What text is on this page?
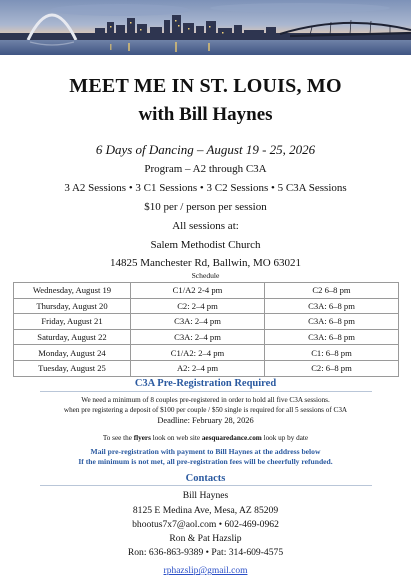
MEET ME IN ST. LOUIS, MO
with Bill Haynes
6 Days of Dancing – August 19 - 25, 2026
Program – A2 through C3A
3 A2 Sessions • 3 C1 Sessions • 3 C2 Sessions • 5 C3A Sessions
$10 per / person per session
All sessions at:
Salem Methodist Church
14825 Manchester Rd, Ballwin, MO 63021
Schedule
Wednesday, August 19	C1/A2 2-4 pm	C2 6–8 pm
Thursday, August 20	C2: 2–4 pm	C3A: 6–8 pm
Friday, August 21	C3A: 2–4 pm	C3A: 6–8 pm
Saturday, August 22	C3A: 2–4 pm	C3A: 6–8 pm
Monday, August 24	C1/A2: 2–4 pm	C1: 6–8 pm
Tuesday, August 25	A2: 2–4 pm	C2: 6–8 pm
C3A Pre-Registration Required
We need a minimum of 8 couples pre-registered in order to hold all five C3A sessions.
when pre registering a deposit of $100 per couple / $50 single is required for all 5 sessions of C3A
Deadline: February 28, 2026
To see the flyers look on web site aesquaredance.com look up by date
Mail pre-registration with payment to Bill Haynes at the address below
If the minimum is not met, all pre-registration fees will be cheerfully refunded.
Contacts
Bill Haynes
8125 E Medina Ave, Mesa, AZ 85209
bhootus7x7@aol.com • 602-469-0962
Ron & Pat Hazslip
Ron: 636-863-9389 • Pat: 314-609-4575
rphazslip@gmail.com
